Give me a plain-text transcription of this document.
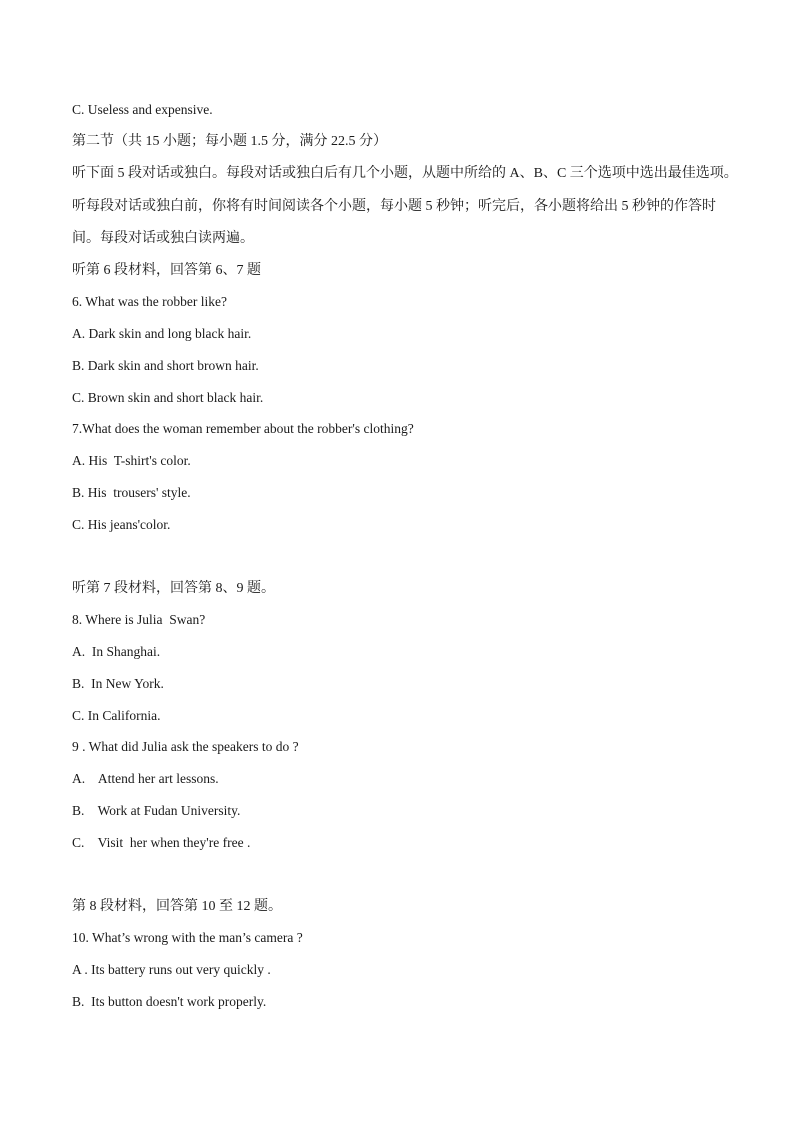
C. Useless and expensive.
第二节（共 15 小题；每小题 1.5 分，满分 22.5 分）
听下面 5 段对话或独白。每段对话或独白后有几个小题，从题中所给的 A、B、C 三个选项中选出最佳选项。
听每段对话或独白前，你将有时间阅读各个小题，每小题 5 秒钟；听完后，各小题将给出 5 秒钟的作答时
间。每段对话或独白读两遍。
听第 6 段材料，回答第 6、7 题
6. What was the robber like?
A. Dark skin and long black hair.
B. Dark skin and short brown hair.
C. Brown skin and short black hair.
7.What does the woman remember about the robber's clothing?
A. His  T-shirt's color.
B. His  trousers' style.
C. His jeans'color.
听第 7 段材料，回答第 8、9 题。
8. Where is Julia  Swan?
A.  In Shanghai.
B.  In New York.
C. In California.
9 . What did Julia ask the speakers to do ?
A.    Attend her art lessons.
B.    Work at Fudan University.
C.    Visit  her when they're free .
第 8 段材料，回答第 10 至 12 题。
10. What’s wrong with the man’s camera ?
A . Its battery runs out very quickly .
B.  Its button doesn't work properly.
